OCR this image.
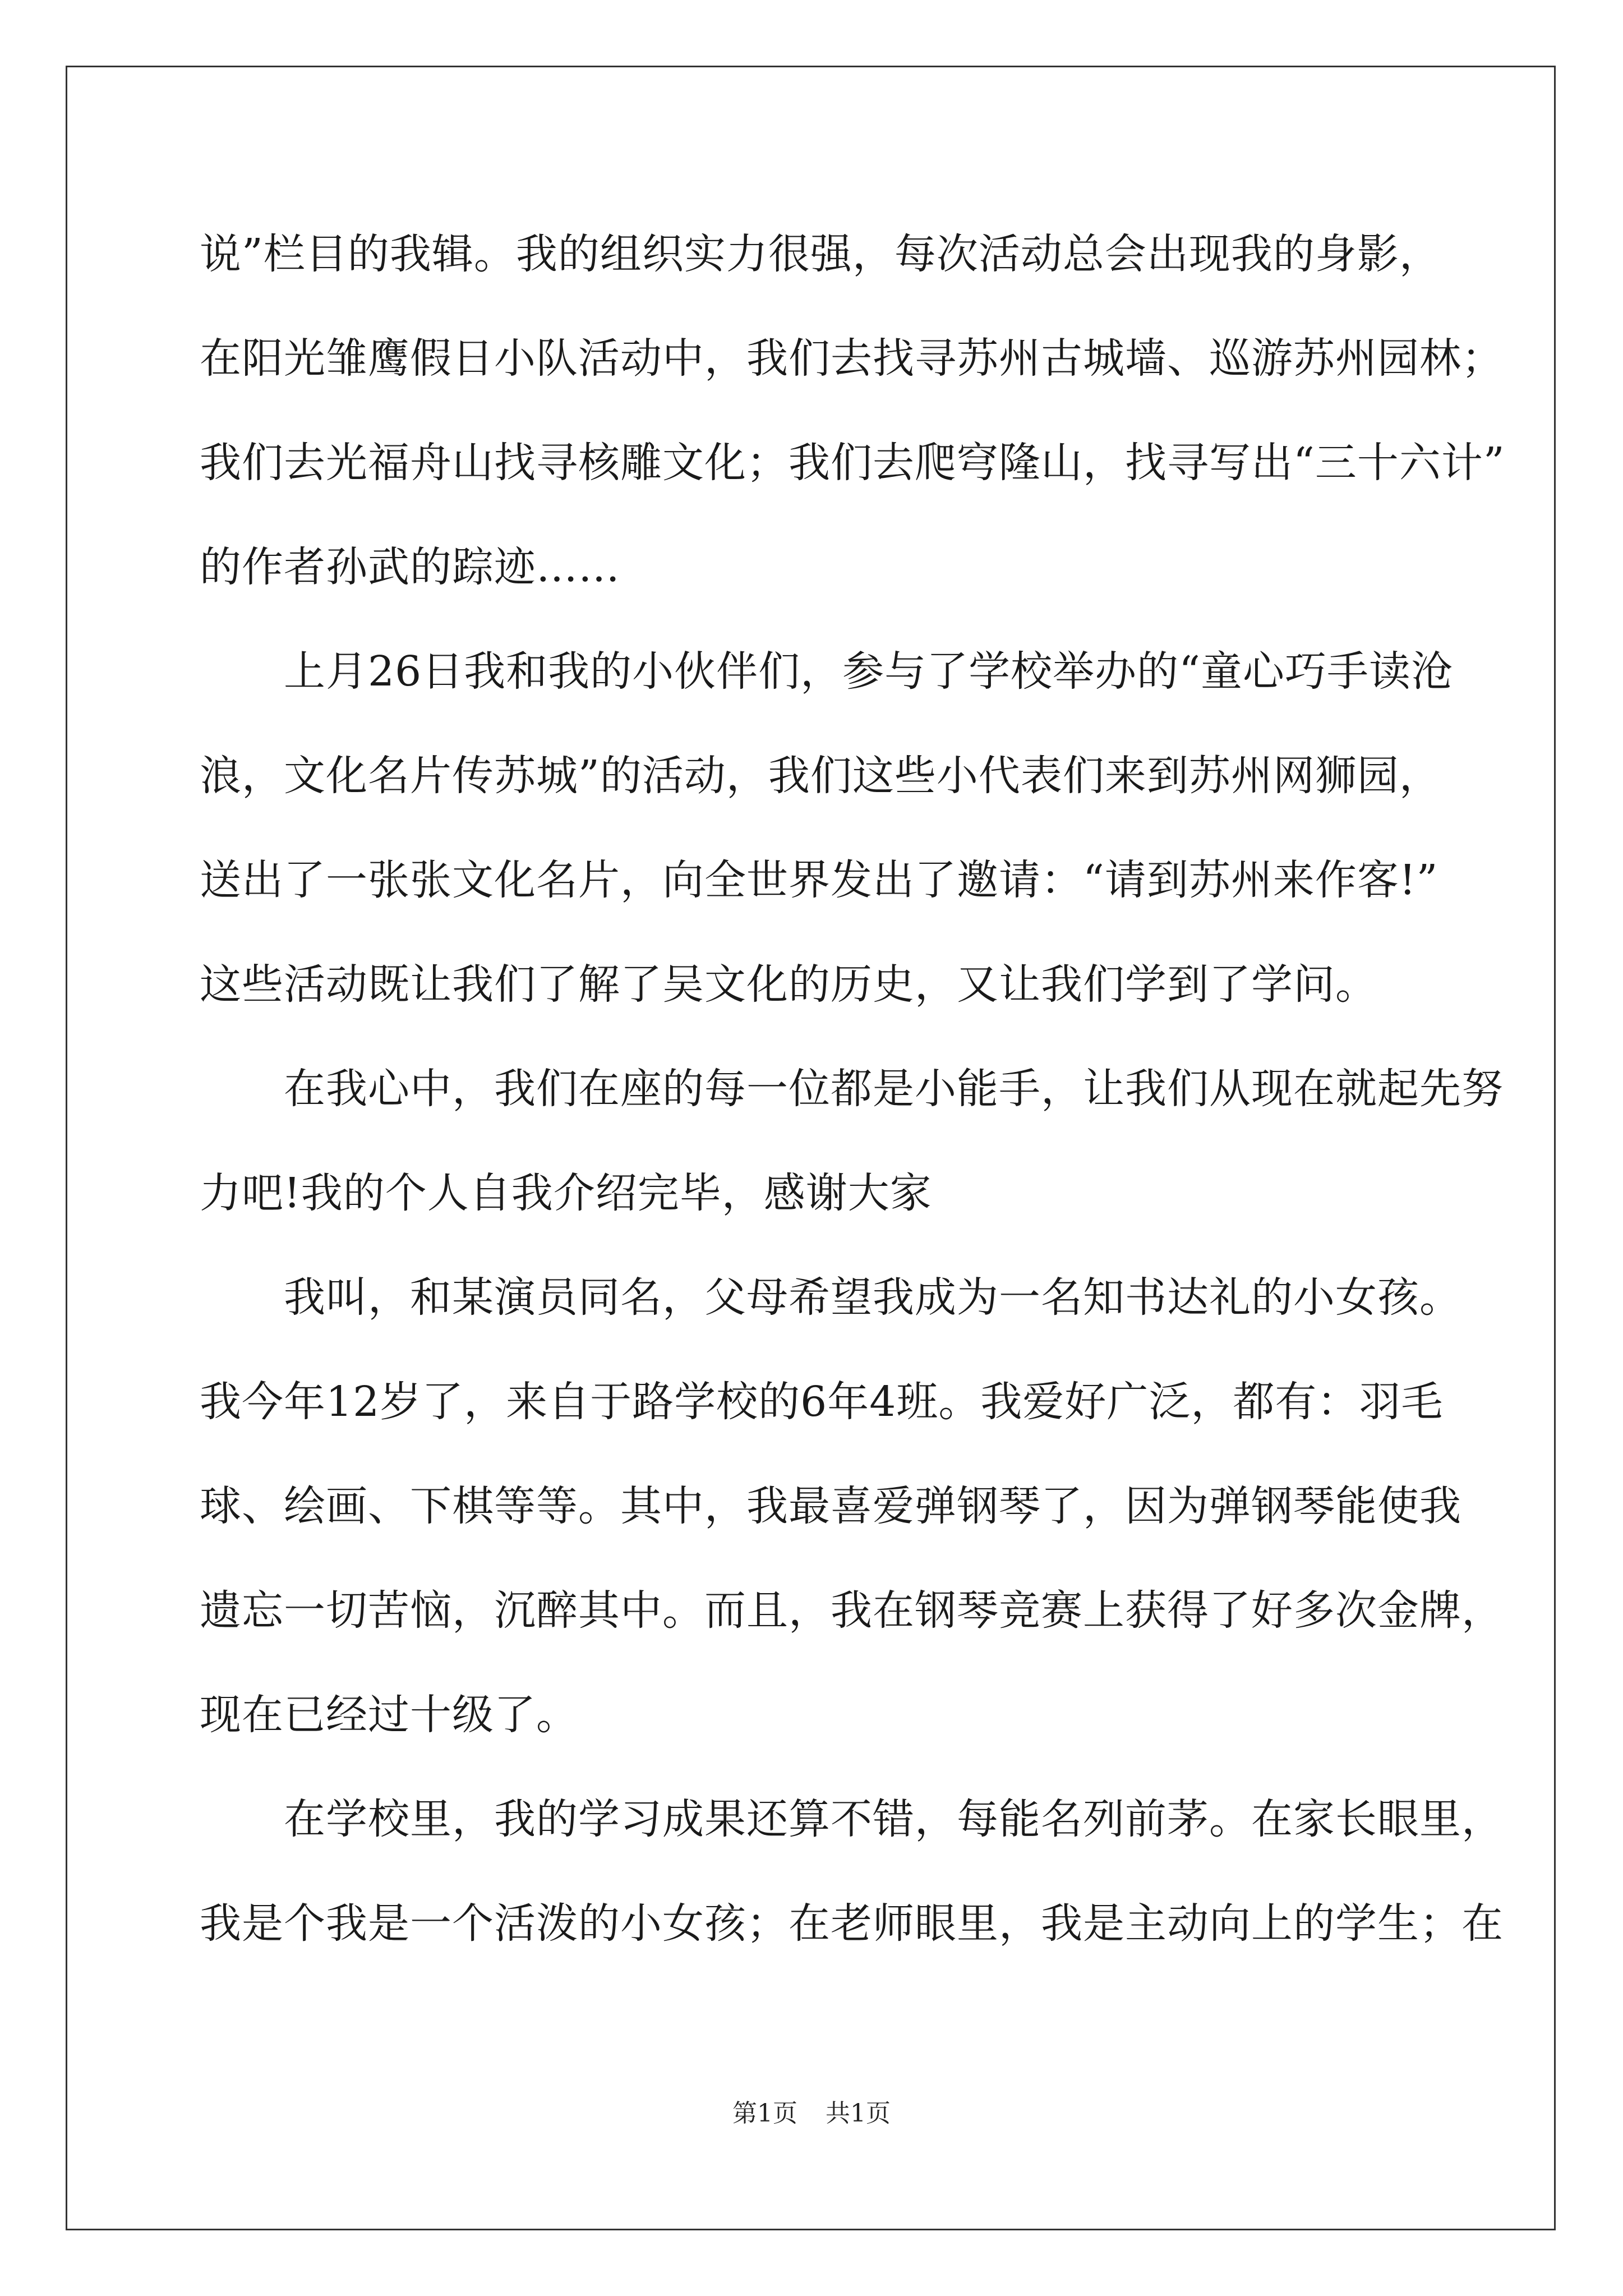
说”栏目的我辑。我的组织实力很强，每次活动总会出现我的身影，

在阳光雏鹰假日小队活动中，我们去找寻苏州古城墙、巡游苏州园林；

我们去光福舟山找寻核雕文化；我们去爬穹隆山，找寻写出“三十六计”

的作者孙武的踪迹……

　　上月26日我和我的小伙伴们，参与了学校举办的“童心巧手读沧

浪，文化名片传苏城”的活动，我们这些小代表们来到苏州网狮园，

送出了一张张文化名片，向全世界发出了邀请：“请到苏州来作客!”

这些活动既让我们了解了吴文化的历史，又让我们学到了学问。

　　在我心中，我们在座的每一位都是小能手，让我们从现在就起先努

力吧!我的个人自我介绍完毕，感谢大家

　　我叫，和某演员同名，父母希望我成为一名知书达礼的小女孩。

我今年12岁了，来自于路学校的6年4班。我爱好广泛，都有：羽毛

球、绘画、下棋等等。其中，我最喜爱弹钢琴了，因为弹钢琴能使我

遗忘一切苦恼，沉醉其中。而且，我在钢琴竞赛上获得了好多次金牌，

现在已经过十级了。

　　在学校里，我的学习成果还算不错，每能名列前茅。在家长眼里，

我是个我是一个活泼的小女孩；在老师眼里，我是主动向上的学生；在

第1页 共1页
